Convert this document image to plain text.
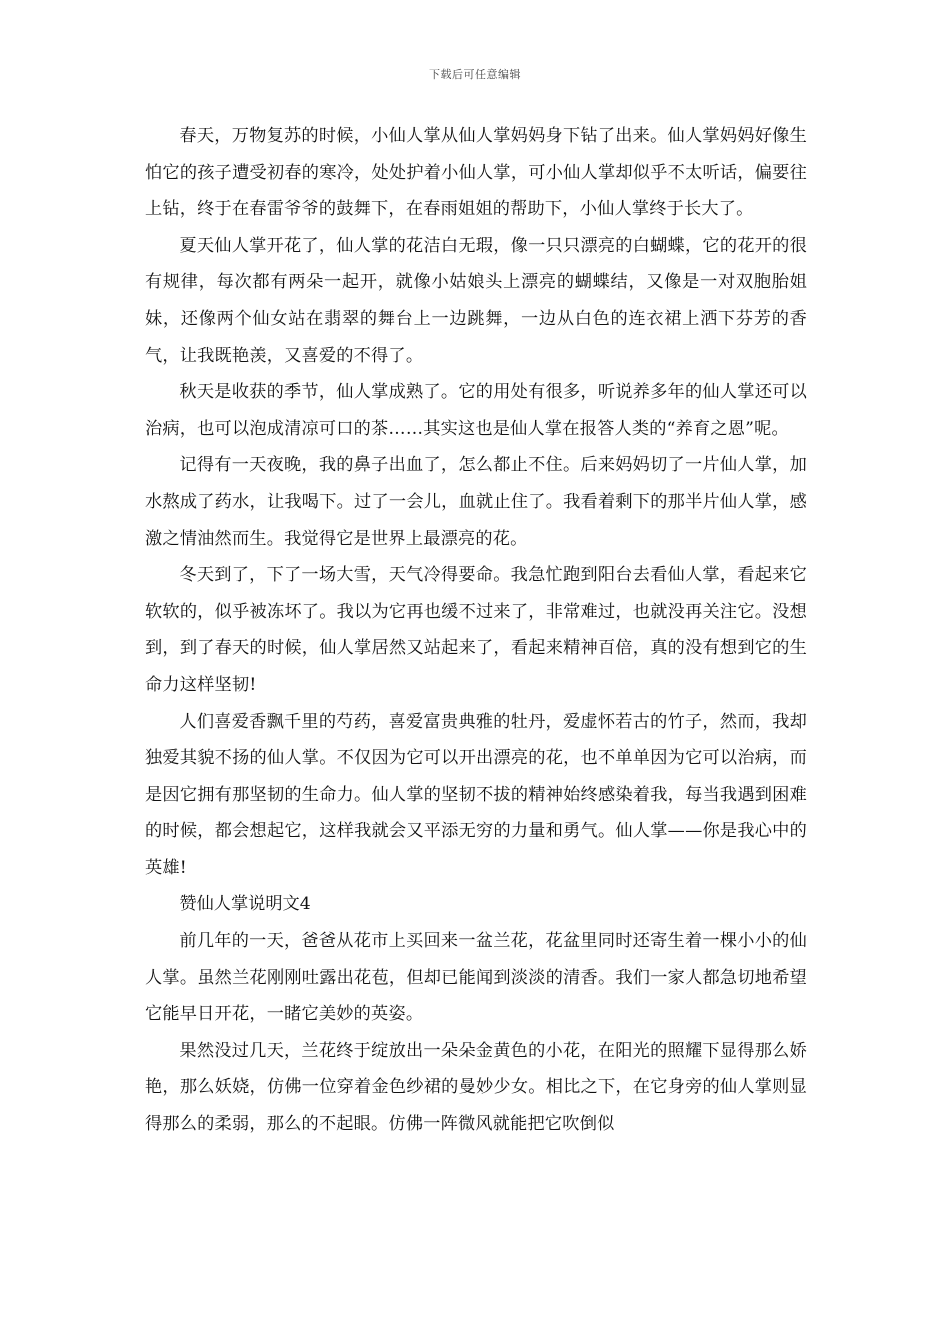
下载后可任意编辑

春天，万物复苏的时候，小仙人掌从仙人掌妈妈身下钻了出来。仙人掌妈妈好像生怕它的孩子遭受初春的寒冷，处处护着小仙人掌，可小仙人掌却似乎不太听话，偏要往上钻，终于在春雷爷爷的鼓舞下，在春雨姐姐的帮助下，小仙人掌终于长大了。

夏天仙人掌开花了，仙人掌的花洁白无瑕，像一只只漂亮的白蝴蝶，它的花开的很有规律，每次都有两朵一起开，就像小姑娘头上漂亮的蝴蝶结，又像是一对双胞胎姐妹，还像两个仙女站在翡翠的舞台上一边跳舞，一边从白色的连衣裙上洒下芬芳的香气，让我既艳羡，又喜爱的不得了。

秋天是收获的季节，仙人掌成熟了。它的用处有很多，听说养多年的仙人掌还可以治病，也可以泡成清凉可口的茶……其实这也是仙人掌在报答人类的“养育之恩”呢。

记得有一天夜晚，我的鼻子出血了，怎么都止不住。后来妈妈切了一片仙人掌，加水熬成了药水，让我喝下。过了一会儿，血就止住了。我看着剩下的那半片仙人掌，感激之情油然而生。我觉得它是世界上最漂亮的花。

冬天到了，下了一场大雪，天气冷得要命。我急忙跑到阳台去看仙人掌，看起来它软软的，似乎被冻坏了。我以为它再也缓不过来了，非常难过，也就没再关注它。没想到，到了春天的时候，仙人掌居然又站起来了，看起来精神百倍，真的没有想到它的生命力这样坚韧!

人们喜爱香飘千里的芍药，喜爱富贵典雅的牡丹，爱虚怀若古的竹子，然而，我却独爱其貌不扬的仙人掌。不仅因为它可以开出漂亮的花，也不单单因为它可以治病，而是因它拥有那坚韧的生命力。仙人掌的坚韧不拔的精神始终感染着我，每当我遇到困难的时候，都会想起它，这样我就会又平添无穷的力量和勇气。仙人掌——你是我心中的英雄!

赞仙人掌说明文4

前几年的一天，爸爸从花市上买回来一盆兰花，花盆里同时还寄生着一棵小小的仙人掌。虽然兰花刚刚吐露出花苞，但却已能闻到淡淡的清香。我们一家人都急切地希望它能早日开花，一睹它美妙的英姿。

果然没过几天，兰花终于绽放出一朵朵金黄色的小花，在阳光的照耀下显得那么娇艳，那么妖娆，仿佛一位穿着金色纱裙的曼妙少女。相比之下，在它身旁的仙人掌则显得那么的柔弱，那么的不起眼。仿佛一阵微风就能把它吹倒似
